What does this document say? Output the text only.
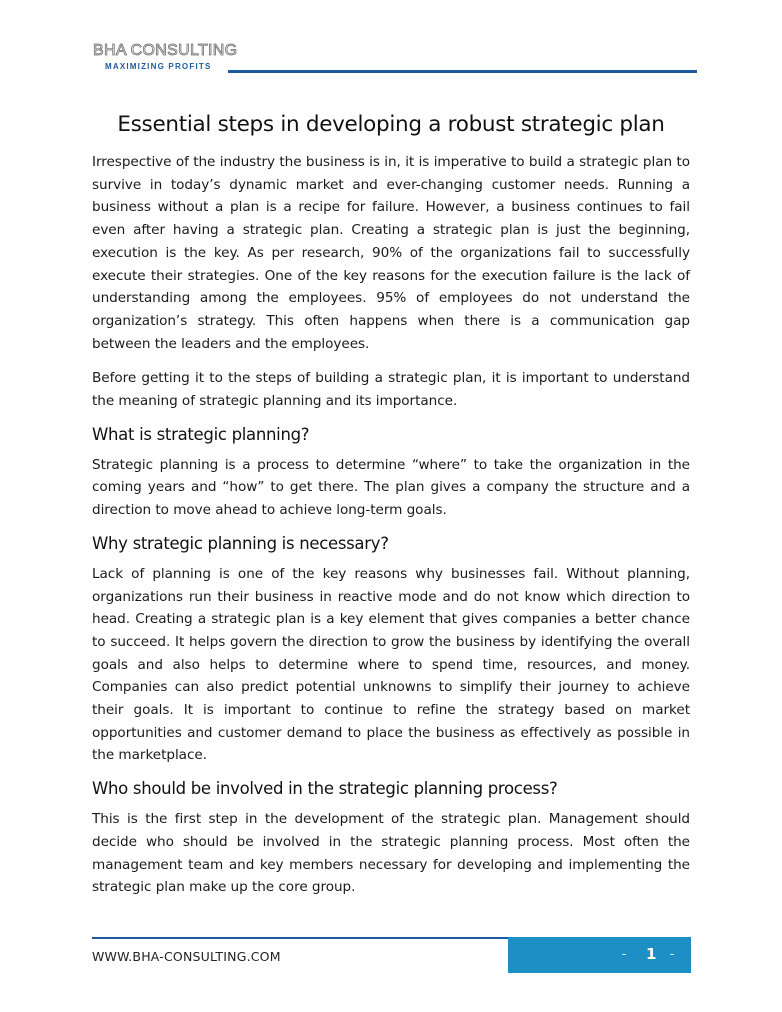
BHA CONSULTING
MAXIMIZING PROFITS
Essential steps in developing a robust strategic plan

Irrespective of the industry the business is in, it is imperative to build a strategic plan to survive in today’s dynamic market and ever-changing customer needs. Running a business without a plan is a recipe for failure. However, a business continues to fail even after having a strategic plan. Creating a strategic plan is just the beginning, execution is the key. As per research, 90% of the organizations fail to successfully execute their strategies. One of the key reasons for the execution failure is the lack of understanding among the employees. 95% of employees do not understand the organization’s strategy. This often happens when there is a communication gap between the leaders and the employees.

Before getting it to the steps of building a strategic plan, it is important to understand the meaning of strategic planning and its importance.

What is strategic planning?

Strategic planning is a process to determine “where” to take the organization in the coming years and “how” to get there. The plan gives a company the structure and a direction to move ahead to achieve long-term goals.

Why strategic planning is necessary?

Lack of planning is one of the key reasons why businesses fail. Without planning, organizations run their business in reactive mode and do not know which direction to head. Creating a strategic plan is a key element that gives companies a better chance to succeed. It helps govern the direction to grow the business by identifying the overall goals and also helps to determine where to spend time, resources, and money. Companies can also predict potential unknowns to simplify their journey to achieve their goals. It is important to continue to refine the strategy based on market opportunities and customer demand to place the business as effectively as possible in the marketplace.

Who should be involved in the strategic planning process?

This is the first step in the development of the strategic plan. Management should decide who should be involved in the strategic planning process. Most often the management team and key members necessary for developing and implementing the strategic plan make up the core group.

WWW.BHA-CONSULTING.COM	- 1 -
